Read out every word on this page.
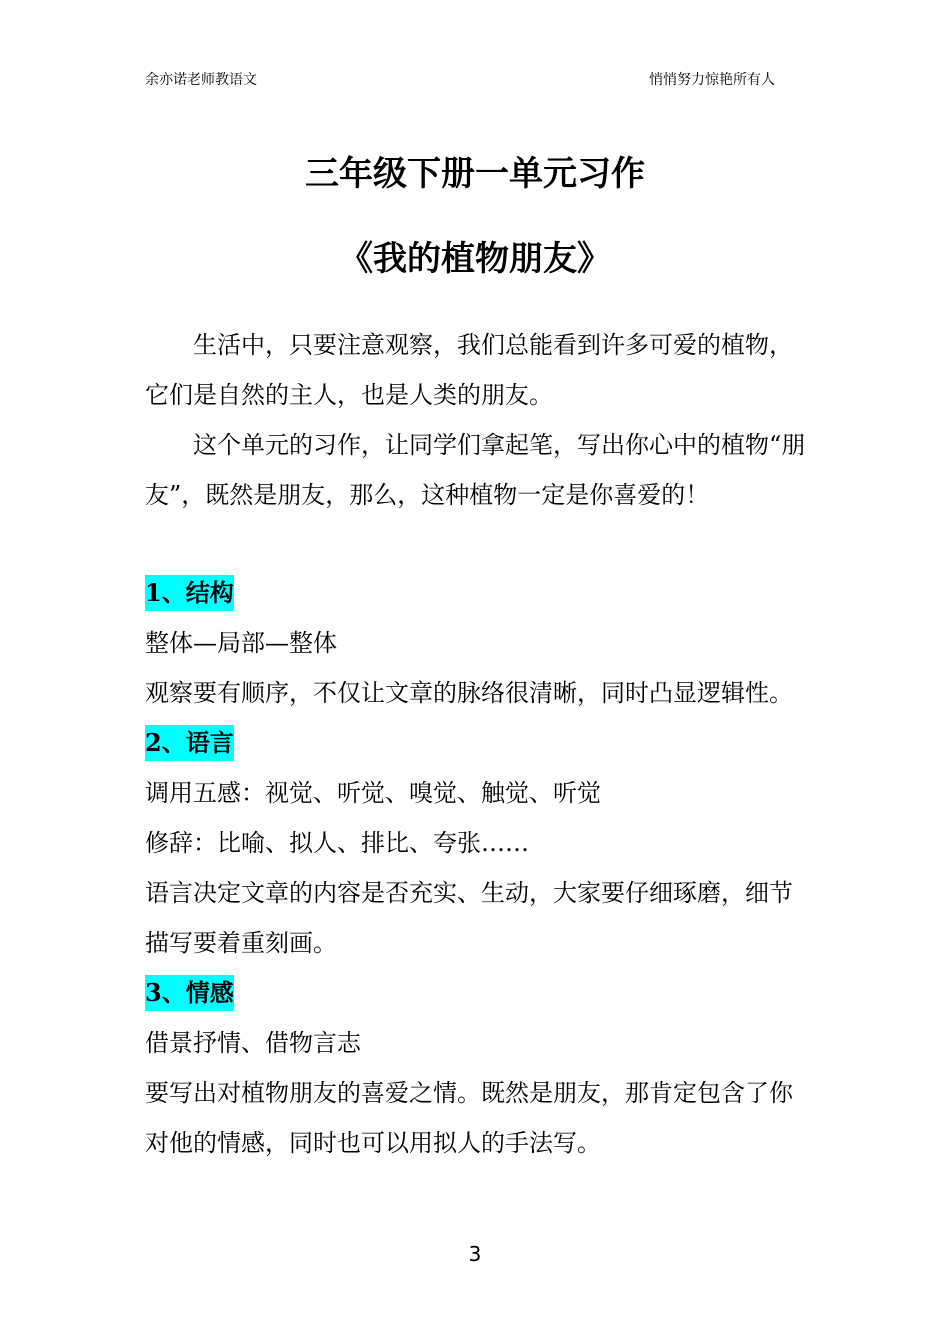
余亦诺老师教语文	悄悄努力惊艳所有人
三年级下册一单元习作
《我的植物朋友》

生活中，只要注意观察，我们总能看到许多可爱的植物，它们是自然的主人，也是人类的朋友。

这个单元的习作，让同学们拿起笔，写出你心中的植物“朋友”，既然是朋友，那么，这种植物一定是你喜爱的！

1、结构

整体—局部—整体

观察要有顺序，不仅让文章的脉络很清晰，同时凸显逻辑性。

2、语言

调用五感：视觉、听觉、嗅觉、触觉、听觉

修辞：比喻、拟人、排比、夸张……

语言决定文章的内容是否充实、生动，大家要仔细琢磨，细节描写要着重刻画。

3、情感

借景抒情、借物言志

要写出对植物朋友的喜爱之情。既然是朋友，那肯定包含了你对他的情感，同时也可以用拟人的手法写。

3
